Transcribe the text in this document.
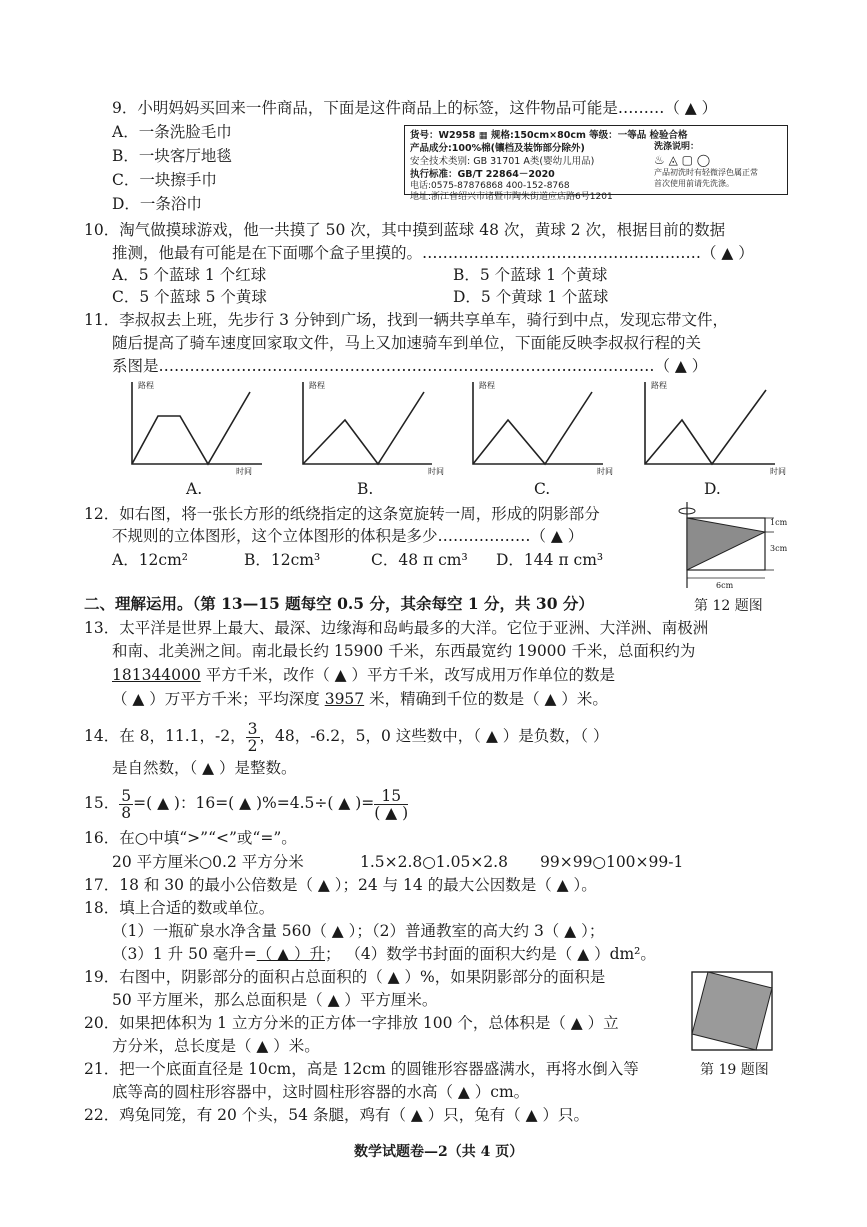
9．小明妈妈买回来一件商品，下面是这件商品上的标签，这件物品可能是………（ ▲ ）
A．一条洗脸毛巾
B．一块客厅地毯
C．一块擦手巾
D．一条浴巾
货号：W2958 ▦ 规格:150cm×80cm 等级：一等品 检验合格
产品成分:100%棉(镶档及装饰部分除外)
安全技术类别: GB 31701 A类(婴幼儿用品)
执行标准：GB/T 22864－2020
电话:0575-87876868 400-152-8768
地址:浙江省绍兴市诸暨市陶朱街道应店路6号1201
洗涤说明：
♨ ◬ ▢ ◯
产品初洗时有轻微浮色属正常
首次使用前请先洗涤。
10．淘气做摸球游戏，他一共摸了 50 次，其中摸到蓝球 48 次，黄球 2 次，根据目前的数据
推测，他最有可能是在下面哪个盒子里摸的。………………………………………………（ ▲ ）
A．5 个蓝球 1 个红球	B．5 个蓝球 1 个黄球
C．5 个蓝球 5 个黄球	D．5 个黄球 1 个蓝球
11．李叔叔去上班，先步行 3 分钟到广场，找到一辆共享单车，骑行到中点，发现忘带文件，
随后提高了骑车速度回家取文件，马上又加速骑车到单位，下面能反映李叔叔行程的关
系图是……………………………………………………………………………………（ ▲ ）
路程
时间
路程
时间
路程
时间
路程
时间
A.	B.	C.	D.
12．如右图，将一张长方形的纸绕指定的这条宽旋转一周，形成的阴影部分
不规则的立体图形，这个立体图形的体积是多少………………（ ▲ ）
A．12cm²	B．12cm³	C．48 π cm³ D．144 π cm³
1cm
3cm
6cm
二、理解运用。（第 13—15 题每空 0.5 分，其余每空 1 分，共 30 分）	第 12 题图
13．太平洋是世界上最大、最深、边缘海和岛屿最多的大洋。它位于亚洲、大洋洲、南极洲
和南、北美洲之间。南北最长约 15900 千米，东西最宽约 19000 千米，总面积约为
181344000 平方千米，改作（ ▲ ）平方千米，改写成用万作单位的数是
（ ▲ ）万平方千米；平均深度 3957 米，精确到千位的数是（ ▲ ）米。
14．在 8，11.1，-2， $\frac{3}{2}$ ，48，-6.2，5，0 这些数中，（ ▲ ）是负数，（ ）
是自然数，（ ▲ ）是整数。
15． $\frac{5}{8}$ =( ▲ )：16=( ▲ )%=4.5÷( ▲ )= $\frac{15}{( ▲ )}$
16．在○中填“>”“<”或“=”。
20 平方厘米○0.2 平方分米	1.5×2.8○1.05×2.8 99×99○100×99-1
17．18 和 30 的最小公倍数是（ ▲ ）；24 与 14 的最大公因数是（ ▲ ）。
18．填上合适的数或单位。
（1）一瓶矿泉水净含量 560（ ▲ ）；（2）普通教室的高大约 3（ ▲ ）；
（3）1 升 50 毫升=（ ▲ ）升； （4）数学书封面的面积大约是（ ▲ ）dm²。
19．右图中，阴影部分的面积占总面积的（ ▲ ）%，如果阴影部分的面积是
50 平方厘米，那么总面积是（ ▲ ）平方厘米。
20．如果把体积为 1 立方分米的正方体一字排放 100 个，总体积是（ ▲ ）立
方分米，总长度是（ ▲ ）米。
第 19 题图
21．把一个底面直径是 10cm，高是 12cm 的圆锥形容器盛满水，再将水倒入等
底等高的圆柱形容器中，这时圆柱形容器的水高（ ▲ ）cm。
22．鸡兔同笼，有 20 个头，54 条腿，鸡有（ ▲ ）只，兔有（ ▲ ）只。
数学试题卷—2（共 4 页）
